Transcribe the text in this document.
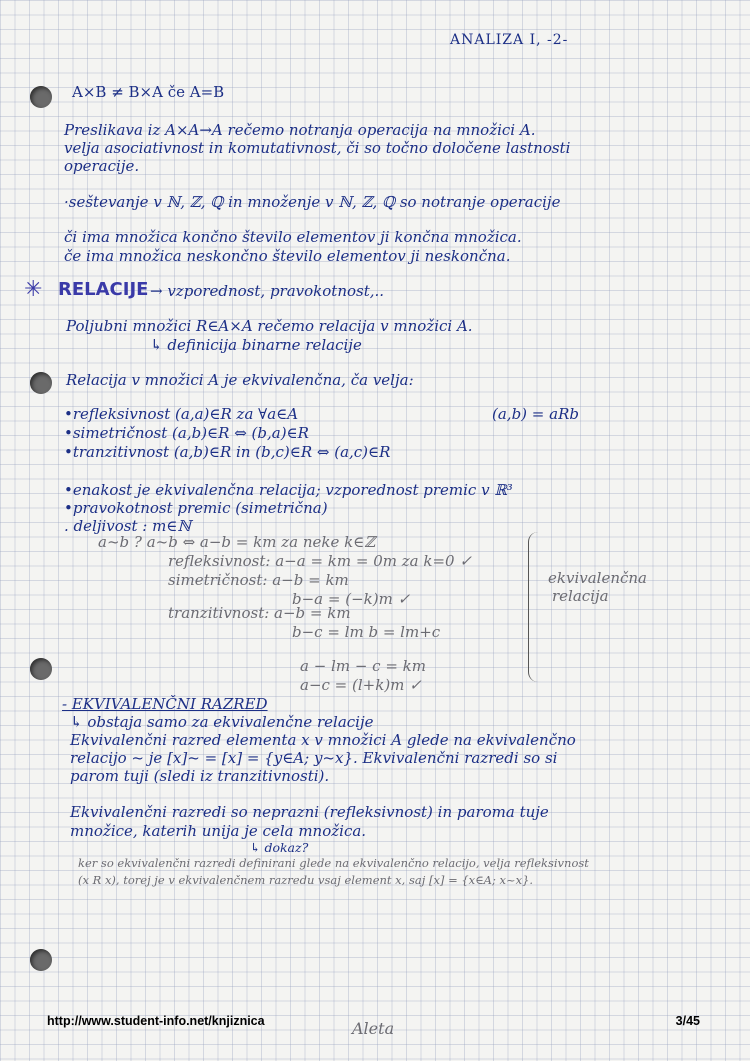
ANALIZA I, -2-
A×B ≠ B×A če A=B
Preslikava iz A×A→A rečemo notranja operacija na množici A.
velja asociativnost in komutativnost, či so točno določene lastnosti
operacije.
·seštevanje v ℕ, ℤ, ℚ in množenje v ℕ, ℤ, ℚ so notranje operacije
či ima množica končno število elementov ji končna množica.
če ima množica neskončno število elementov ji neskončna.
✳ RELACIJE → vzporednost, pravokotnost,..
Poljubni množici R∈A×A rečemo relacija v množici A.
↳ definicija binarne relacije
Relacija v množici A je ekvivalenčna, ča velja:
•refleksivnost (a,a)∈R za ∀a∈A
•simetričnost (a,b)∈R ⇔ (b,a)∈R
•tranzitivnost (a,b)∈R in (b,c)∈R ⇔ (a,c)∈R
(a,b) = aRb
•enakost je ekvivalenčna relacija; vzporednost premic v ℝ³
•pravokotnost premic (simetrična)
. deljivost : m∈ℕ
a~b ? a~b ⇔ a−b = km za neke k∈ℤ
refleksivnost: a−a = km = 0m za k=0 ✓
simetričnost: a−b = km
b−a = (−k)m ✓
tranzitivnost: a−b = km
b−c = lm b = lm+c
a − lm − c = km
a−c = (l+k)m ✓
ekvivalenčna
relacija
- EKVIVALENČNI RAZRED
↳ obstaja samo za ekvivalenčne relacije
Ekvivalenčni razred elementa x v množici A glede na ekvivalenčno
relacijo ~ je [x]~ = [x] = {y∈A; y~x}. Ekvivalenčni razredi so si
parom tuji (sledi iz tranzitivnosti).
Ekvivalenčni razredi so neprazni (refleksivnost) in paroma tuje
množice, katerih unija je cela množica.
↳ dokaz?
ker so ekvivalenčni razredi definirani glede na ekvivalenčno relacijo, velja refleksivnost
(x R x), torej je v ekvivalenčnem razredu vsaj element x, saj [x] = {x∈A; x~x}.
http://www.student-info.net/knjiznica	Aleta	3/45
